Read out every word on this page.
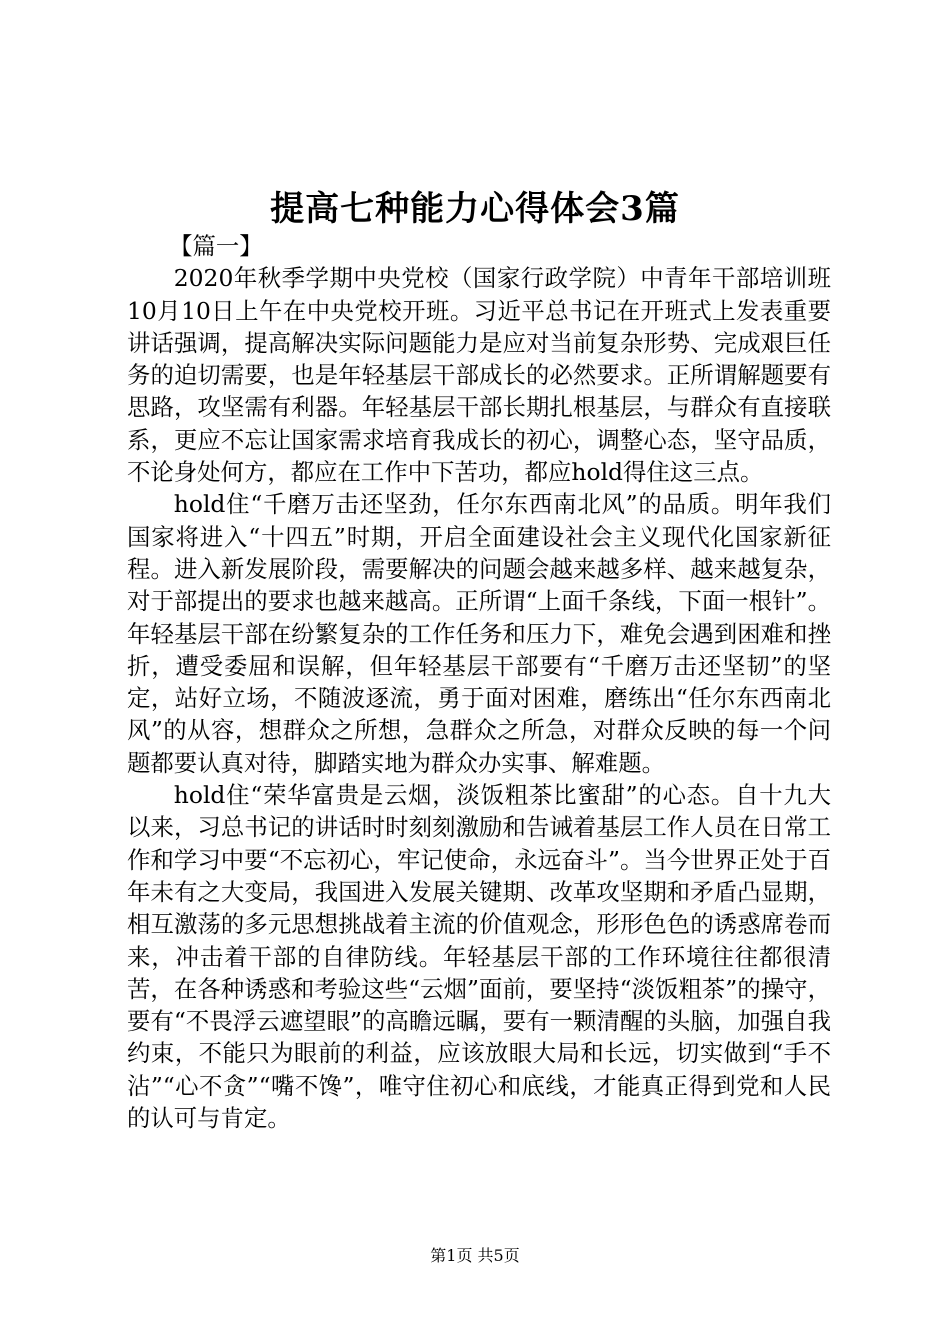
提高七种能力心得体会3篇

【篇一】

2020年秋季学期中央党校（国家行政学院）中青年干部培训班10月10日上午在中央党校开班。习近平总书记在开班式上发表重要讲话强调，提高解决实际问题能力是应对当前复杂形势、完成艰巨任务的迫切需要，也是年轻基层干部成长的必然要求。正所谓解题要有思路，攻坚需有利器。年轻基层干部长期扎根基层，与群众有直接联系，更应不忘让国家需求培育我成长的初心，调整心态，坚守品质，不论身处何方，都应在工作中下苦功，都应hold得住这三点。

hold住“千磨万击还坚劲，任尔东西南北风”的品质。明年我们国家将进入“十四五”时期，开启全面建设社会主义现代化国家新征程。进入新发展阶段，需要解决的问题会越来越多样、越来越复杂，对于部提出的要求也越来越高。正所谓“上面千条线，下面一根针”。年轻基层干部在纷繁复杂的工作任务和压力下，难免会遇到困难和挫折，遭受委屈和误解，但年轻基层干部要有“千磨万击还坚韧”的坚定，站好立场，不随波逐流，勇于面对困难，磨练出“任尔东西南北风”的从容，想群众之所想，急群众之所急，对群众反映的每一个问题都要认真对待，脚踏实地为群众办实事、解难题。

hold住“荣华富贵是云烟，淡饭粗茶比蜜甜”的心态。自十九大以来，习总书记的讲话时时刻刻激励和告诫着基层工作人员在日常工作和学习中要“不忘初心，牢记使命，永远奋斗”。当今世界正处于百年未有之大变局，我国进入发展关键期、改革攻坚期和矛盾凸显期，相互激荡的多元思想挑战着主流的价值观念，形形色色的诱惑席卷而来，冲击着干部的自律防线。年轻基层干部的工作环境往往都很清苦，在各种诱惑和考验这些“云烟”面前，要坚持“淡饭粗茶”的操守，要有“不畏浮云遮望眼”的高瞻远瞩，要有一颗清醒的头脑，加强自我约束，不能只为眼前的利益，应该放眼大局和长远，切实做到“手不沾”“心不贪”“嘴不馋”，唯守住初心和底线，才能真正得到党和人民的认可与肯定。

第1页 共5页
